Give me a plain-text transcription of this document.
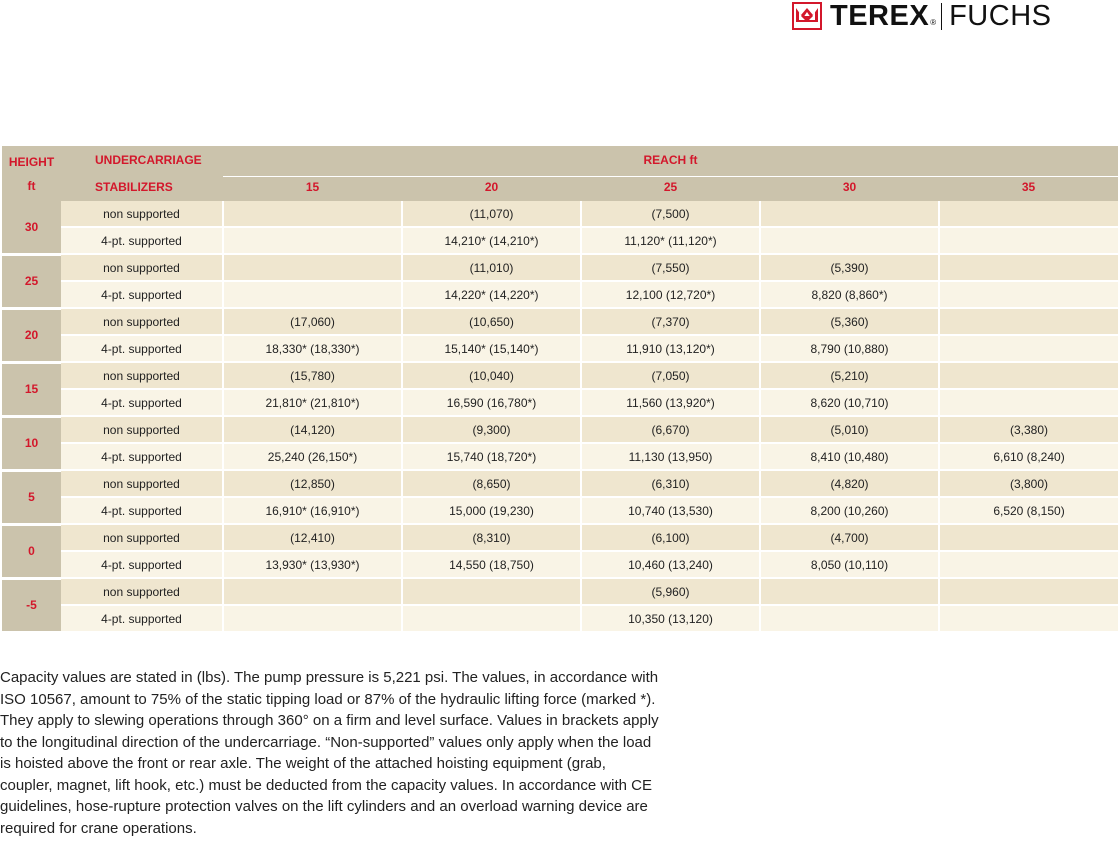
TEREX ® FUCHS
HEIGHT
ft	UNDERCARRIAGE	REACH ft				
	STABILIZERS	15	20	25	30	35
30	non supported		(11,070)	(7,500)		
	4-pt. supported		14,210* (14,210*)	11,120* (11,120*)		
25	non supported		(11,010)	(7,550)	(5,390)	
	4-pt. supported		14,220* (14,220*)	12,100 (12,720*)	8,820 (8,860*)	
20	non supported	(17,060)	(10,650)	(7,370)	(5,360)	
	4-pt. supported	18,330* (18,330*)	15,140* (15,140*)	11,910 (13,120*)	8,790 (10,880)	
15	non supported	(15,780)	(10,040)	(7,050)	(5,210)	
	4-pt. supported	21,810* (21,810*)	16,590 (16,780*)	11,560 (13,920*)	8,620 (10,710)	
10	non supported	(14,120)	(9,300)	(6,670)	(5,010)	(3,380)
	4-pt. supported	25,240 (26,150*)	15,740 (18,720*)	11,130 (13,950)	8,410 (10,480)	6,610 (8,240)
5	non supported	(12,850)	(8,650)	(6,310)	(4,820)	(3,800)
	4-pt. supported	16,910* (16,910*)	15,000 (19,230)	10,740 (13,530)	8,200 (10,260)	6,520 (8,150)
0	non supported	(12,410)	(8,310)	(6,100)	(4,700)	
	4-pt. supported	13,930* (13,930*)	14,550 (18,750)	10,460 (13,240)	8,050 (10,110)	
-5	non supported			(5,960)		
	4-pt. supported			10,350 (13,120)		

Capacity values are stated in (lbs). The pump pressure is 5,221 psi. The values, in accordance with ISO 10567, amount to 75% of the static tipping load or 87% of the hydraulic lifting force (marked *). They apply to slewing operations through 360° on a firm and level surface. Values in brackets apply to the longitudinal direction of the undercarriage. “Non-supported” values only apply when the load is hoisted above the front or rear axle. The weight of the attached hoisting equipment (grab, coupler, magnet, lift hook, etc.) must be deducted from the capacity values. In accordance with CE guidelines, hose-rupture protection valves on the lift cylinders and an overload warning device are required for crane operations.
